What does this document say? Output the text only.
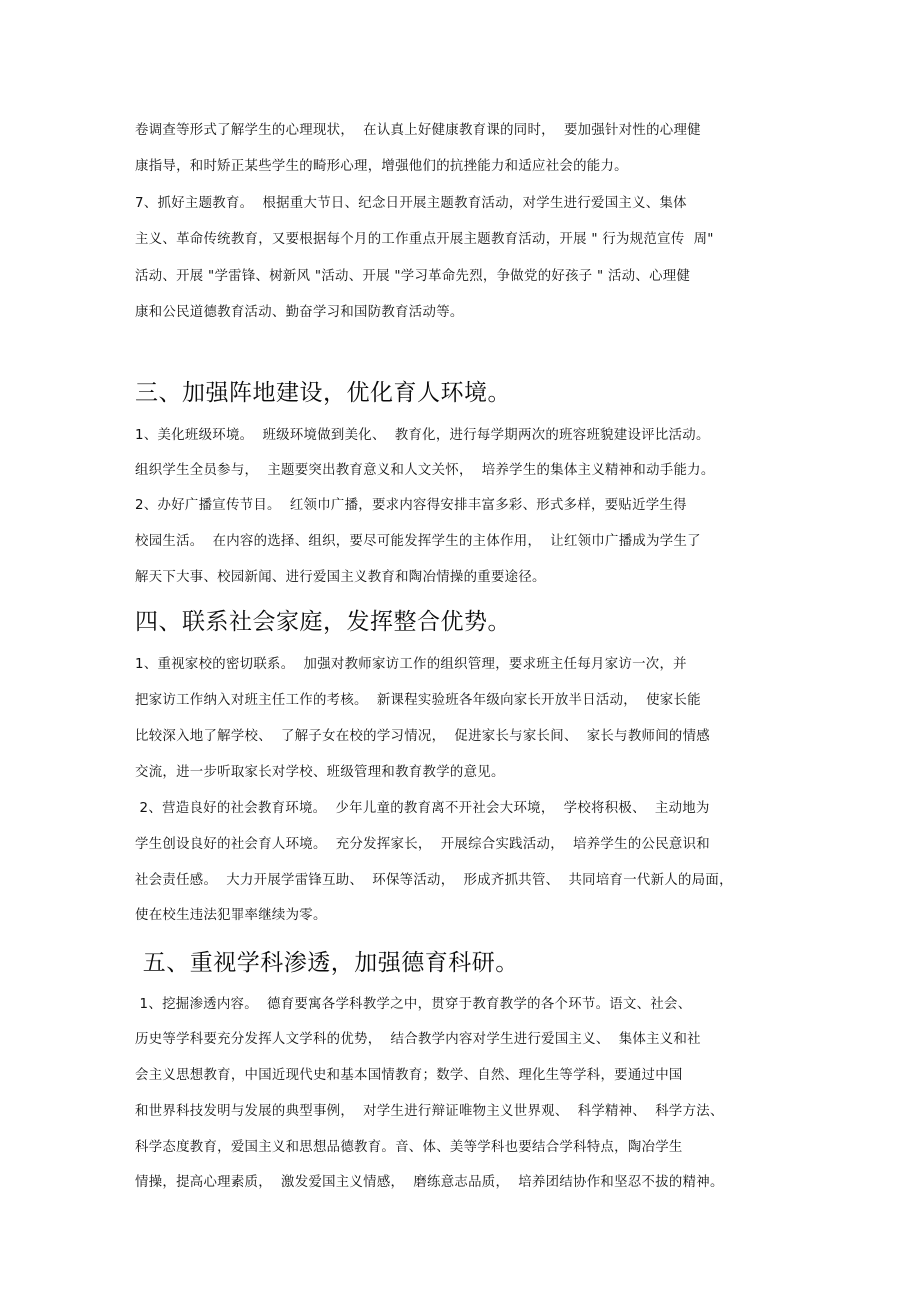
卷调查等形式了解学生的心理现状，  在认真上好健康教育课的同时，  要加强针对性的心理健
康指导，和时矫正某些学生的畸形心理，增强他们的抗挫能力和适应社会的能力。
7、抓好主题教育。  根据重大节日、纪念日开展主题教育活动，对学生进行爱国主义、集体
主义、革命传统教育，又要根据每个月的工作重点开展主题教育活动，开展 " 行为规范宣传  周"
活动、开展 "学雷锋、树新风 "活动、开展 "学习革命先烈，争做党的好孩子 " 活动、心理健
康和公民道德教育活动、勤奋学习和国防教育活动等。
三、加强阵地建设，优化育人环境。
1、美化班级环境。  班级环境做到美化、  教育化，进行每学期两次的班容班貌建设评比活动。
组织学生全员参与，  主题要突出教育意义和人文关怀，  培养学生的集体主义精神和动手能力。
2、办好广播宣传节目。  红领巾广播，要求内容得安排丰富多彩、形式多样，要贴近学生得
校园生活。  在内容的选择、组织，要尽可能发挥学生的主体作用，  让红领巾广播成为学生了
解天下大事、校园新闻、进行爱国主义教育和陶冶情操的重要途径。
四、联系社会家庭，发挥整合优势。
1、重视家校的密切联系。  加强对教师家访工作的组织管理，要求班主任每月家访一次，并
把家访工作纳入对班主任工作的考核。  新课程实验班各年级向家长开放半日活动，  使家长能
比较深入地了解学校、  了解子女在校的学习情况，  促进家长与家长间、  家长与教师间的情感
交流，进一步听取家长对学校、班级管理和教育教学的意见。
2、营造良好的社会教育环境。  少年儿童的教育离不开社会大环境，  学校将积极、  主动地为
学生创设良好的社会育人环境。  充分发挥家长，  开展综合实践活动，  培养学生的公民意识和
社会责任感。  大力开展学雷锋互助、  环保等活动，  形成齐抓共管、  共同培育一代新人的局面，
使在校生违法犯罪率继续为零。
五、重视学科渗透，加强德育科研。
1、挖掘渗透内容。  德育要寓各学科教学之中，贯穿于教育教学的各个环节。语文、社会、
历史等学科要充分发挥人文学科的优势，  结合教学内容对学生进行爱国主义、  集体主义和社
会主义思想教育，中国近现代史和基本国情教育；数学、自然、理化生等学科，要通过中国
和世界科技发明与发展的典型事例，  对学生进行辩证唯物主义世界观、  科学精神、  科学方法、
科学态度教育，爱国主义和思想品德教育。音、体、美等学科也要结合学科特点，陶冶学生
情操，提高心理素质，  激发爱国主义情感，  磨练意志品质，  培养团结协作和坚忍不拔的精神。
